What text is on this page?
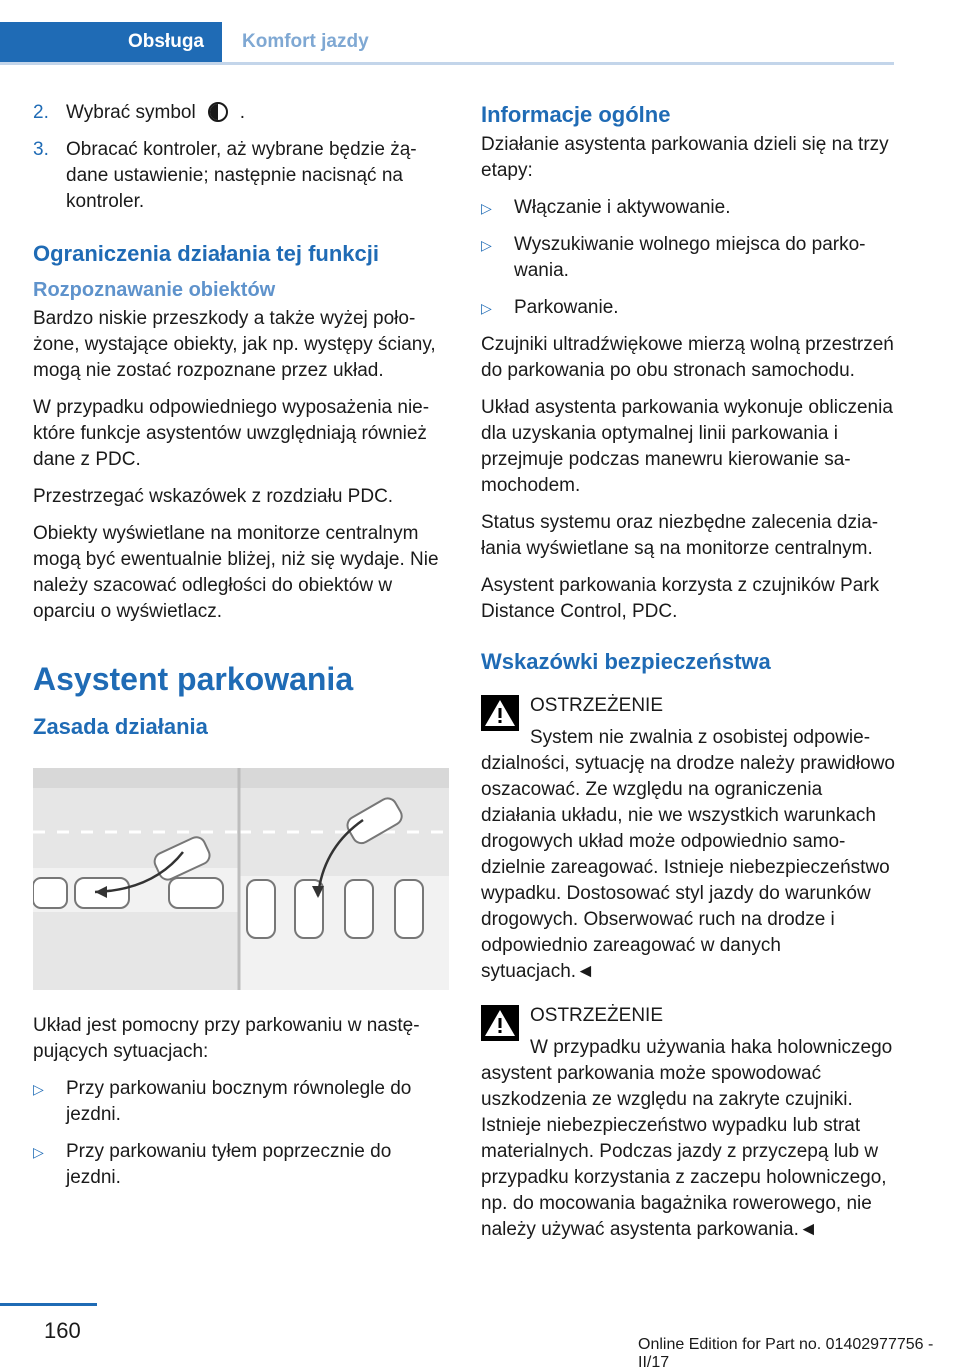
Obsługa	Komfort jazdy
2. Wybrać symbol .
3. Obracać kontroler, aż wybrane będzie żądane ustawienie; następnie nacisnąć na kontroler.
Ograniczenia działania tej funkcji
Rozpoznawanie obiektów

Bardzo niskie przeszkody a także wyżej położone, wystające obiekty, jak np. występy ściany, mogą nie zostać rozpoznane przez układ.

W przypadku odpowiedniego wyposażenia niektóre funkcje asystentów uwzględniają również dane z PDC.

Przestrzegać wskazówek z rozdziału PDC.

Obiekty wyświetlane na monitorze centralnym mogą być ewentualnie bliżej, niż się wydaje. Nie należy szacować odległości do obiektów w oparciu o wyświetlacz.

Asystent parkowania
Zasada działania

Układ jest pomocny przy parkowaniu w następujących sytuacjach:

▷	Przy parkowaniu bocznym równolegle do jezdni.
▷	Przy parkowaniu tyłem poprzecznie do jezdni.
Informacje ogólne

Działanie asystenta parkowania dzieli się na trzy etapy:

▷	Włączanie i aktywowanie.
▷	Wyszukiwanie wolnego miejsca do parkowania.
▷	Parkowanie.

Czujniki ultradźwiękowe mierzą wolną przestrzeń do parkowania po obu stronach samochodu.

Układ asystenta parkowania wykonuje obliczenia dla uzyskania optymalnej linii parkowania i przejmuje podczas manewru kierowanie samochodem.

Status systemu oraz niezbędne zalecenia działania wyświetlane są na monitorze centralnym.

Asystent parkowania korzysta z czujników Park Distance Control, PDC.

Wskazówki bezpieczeństwa
OSTRZEŻENIE

System nie zwalnia z osobistej odpowiedzialności, sytuację na drodze należy prawidłowo oszacować. Ze względu na ograniczenia działania układu, nie we wszystkich warunkach drogowych układ może odpowiednio samodzielnie zareagować. Istnieje niebezpieczeństwo wypadku. Dostosować styl jazdy do warunków drogowych. Obserwować ruch na drodze i odpowiednio zareagować w danych sytuacjach.◄

OSTRZEŻENIE

W przypadku używania haka holowniczego asystent parkowania może spowodować uszkodzenia ze względu na zakryte czujniki. Istnieje niebezpieczeństwo wypadku lub strat materialnych. Podczas jazdy z przyczepą lub w przypadku korzystania z zaczepu holowniczego, np. do mocowania bagażnika rowerowego, nie należy używać asystenta parkowania.◄

160
Online Edition for Part no. 01402977756 - II/17
